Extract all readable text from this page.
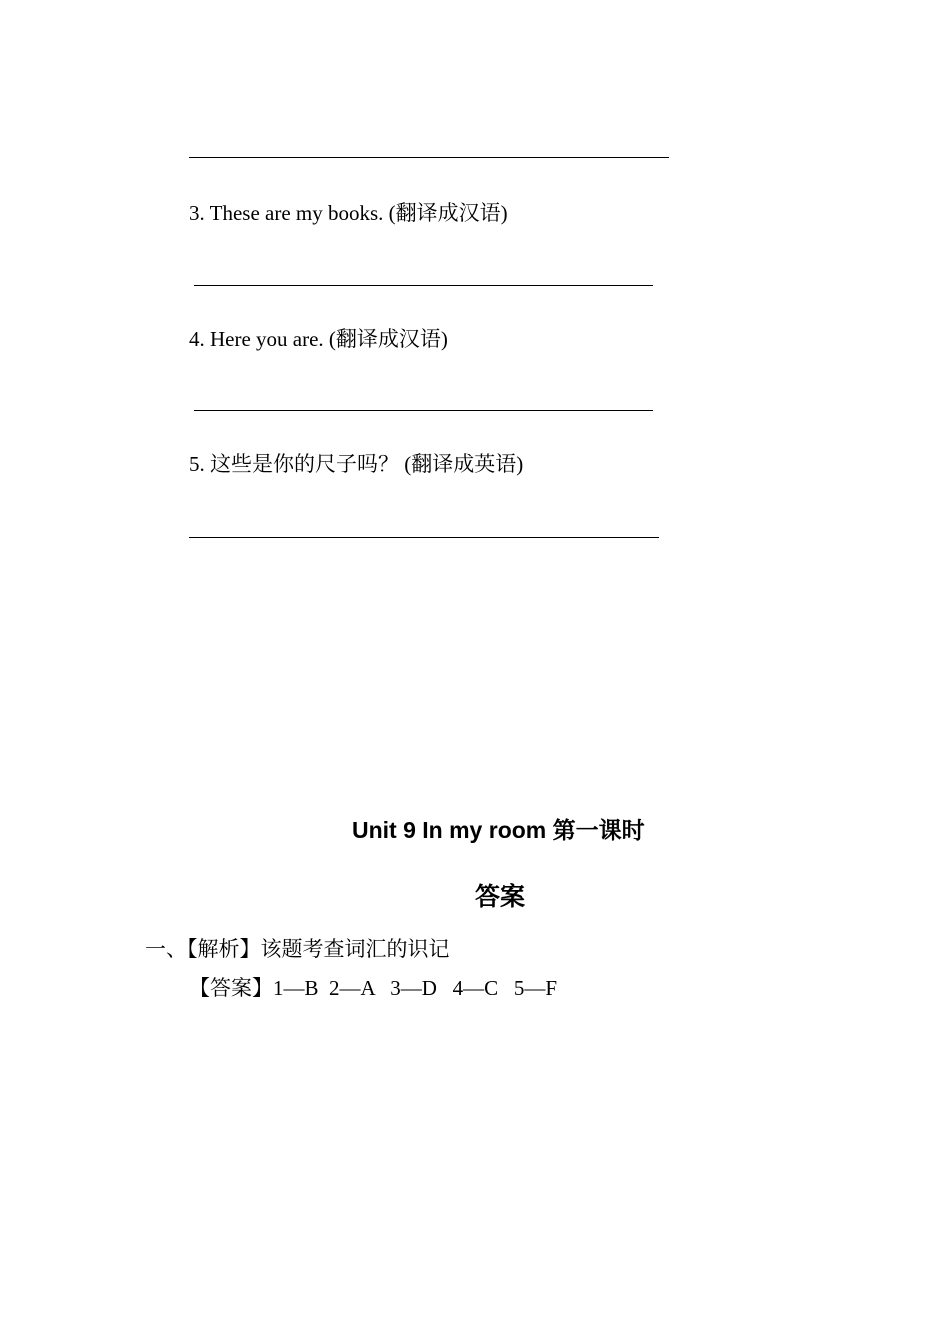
3. These are my books. (翻译成汉语)
4. Here you are. (翻译成汉语)
5. 这些是你的尺子吗？ (翻译成英语)
Unit 9 In my room 第一课时
答案
一、【解析】该题考查词汇的识记
【答案】1—B  2—A   3—D   4—C   5—F
